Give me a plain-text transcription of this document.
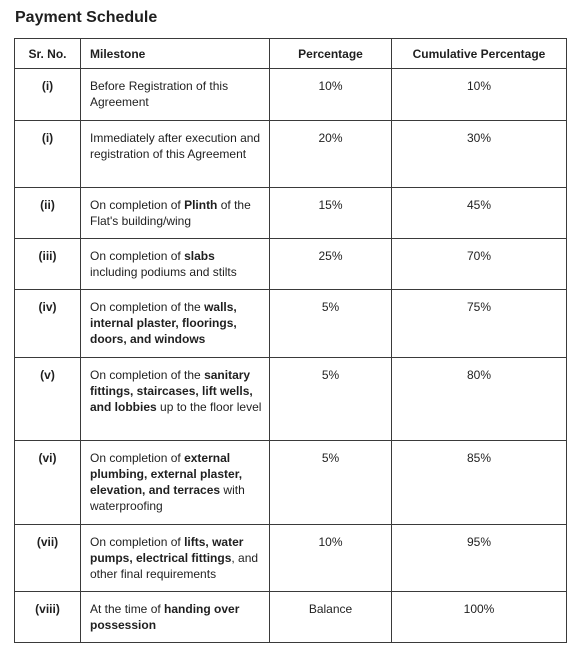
Payment Schedule
Sr. No.	Milestone	Percentage	Cumulative Percentage
(i)	Before Registration of this Agreement	10%	10%
(i)	Immediately after execution and registration of this Agreement	20%	30%
(ii)	On completion of Plinth of the Flat's building/wing	15%	45%
(iii)	On completion of slabs including podiums and stilts	25%	70%
(iv)	On completion of the walls, internal plaster, floorings, doors, and windows	5%	75%
(v)	On completion of the sanitary fittings, staircases, lift wells, and lobbies up to the floor level	5%	80%
(vi)	On completion of external plumbing, external plaster, elevation, and terraces with waterproofing	5%	85%
(vii)	On completion of lifts, water pumps, electrical fittings, and other final requirements	10%	95%
(viii)	At the time of handing over possession	Balance	100%
